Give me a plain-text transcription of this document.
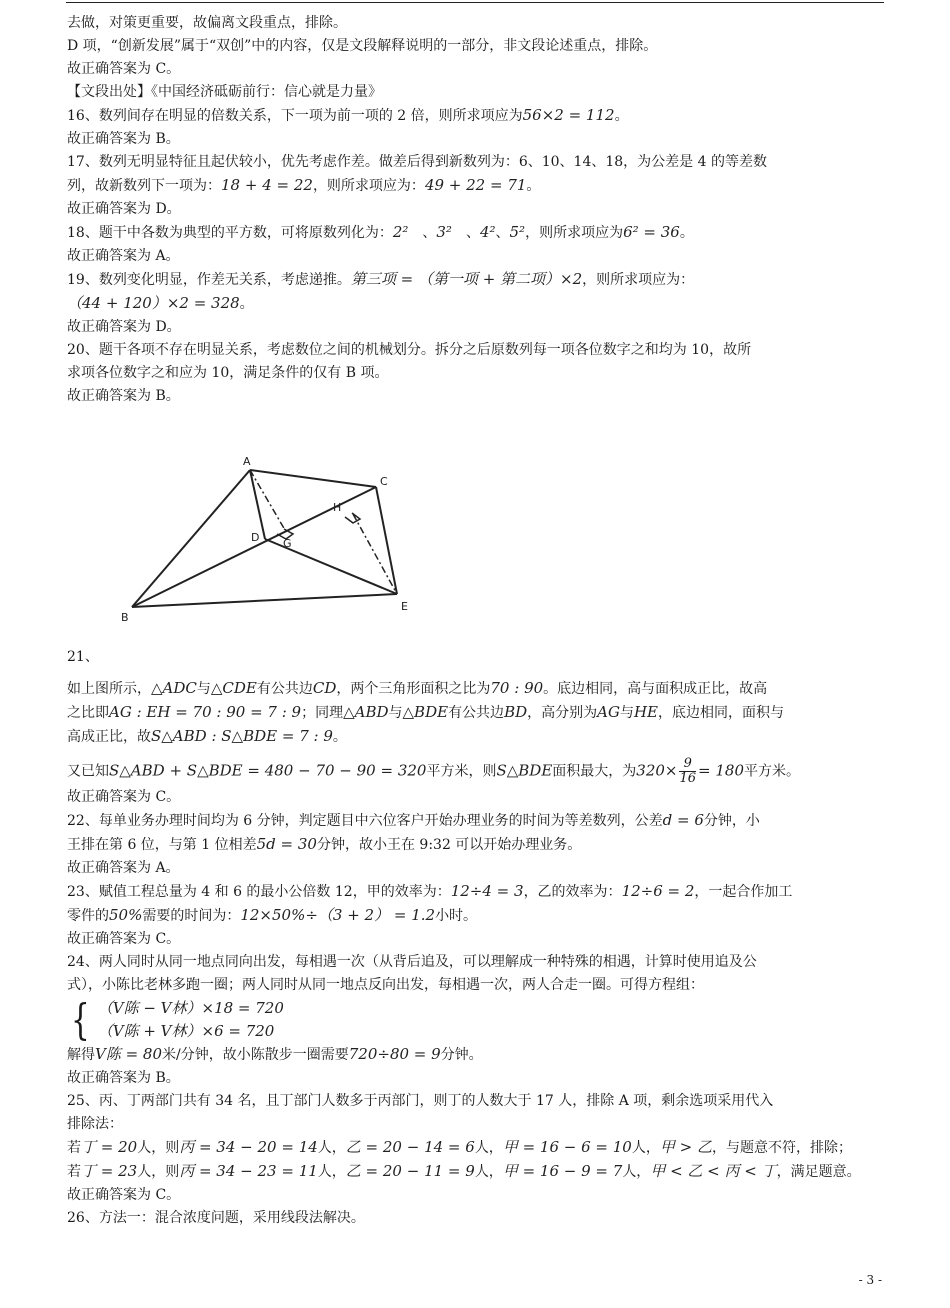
去做，对策更重要，故偏离文段重点，排除。

D 项，“创新发展”属于“双创”中的内容，仅是文段解释说明的一部分，非文段论述重点，排除。

故正确答案为 C。

【文段出处】《中国经济砥砺前行：信心就是力量》

16、数列间存在明显的倍数关系，下一项为前一项的 2 倍，则所求项应为56×2 = 112。

故正确答案为 B。

17、数列无明显特征且起伏较小，优先考虑作差。做差后得到新数列为：6、10、14、18，为公差是 4 的等差数

列，故新数列下一项为：18 + 4 = 22，则所求项应为：49 + 22 = 71。

故正确答案为 D。

18、题干中各数为典型的平方数，可将原数列化为：2²　、3²　、4²、5²，则所求项应为6² = 36。

故正确答案为 A。

19、数列变化明显，作差无关系，考虑递推。第三项 = （第一项 + 第二项）×2，则所求项应为：

（44 + 120）×2 = 328。

故正确答案为 D。

20、题干各项不存在明显关系，考虑数位之间的机械划分。拆分之后原数列每一项各位数字之和均为 10，故所

求项各位数字之和应为 10，满足条件的仅有 B 项。

故正确答案为 B。

A
C
H
D G
B
E

21、

如上图所示，△ADC与△CDE有公共边CD，两个三角形面积之比为70 : 90。底边相同，高与面积成正比，故高

之比即AG : EH = 70 : 90 = 7 : 9；同理△ABD与△BDE有公共边BD，高分别为AG与HE，底边相同，面积与

高成正比，故S△ABD : S△BDE = 7 : 9。

又已知S△ABD + S△BDE = 480 − 70 − 90 = 320平方米，则S△BDE面积最大，为$320\times \frac{9}{16} = 180$平方米。

故正确答案为 C。

22、每单业务办理时间均为 6 分钟，判定题目中六位客户开始办理业务的时间为等差数列，公差d = 6分钟，小

王排在第 6 位，与第 1 位相差5d = 30分钟，故小王在 9:32 可以开始办理业务。

故正确答案为 A。

23、赋值工程总量为 4 和 6 的最小公倍数 12，甲的效率为：12÷4 = 3，乙的效率为：12÷6 = 2，一起合作加工

零件的50%需要的时间为：12×50%÷（3 + 2） = 1.2小时。

故正确答案为 C。

24、两人同时从同一地点同向出发，每相遇一次（从背后追及，可以理解成一种特殊的相遇，计算时使用追及公

式），小陈比老林多跑一圈；两人同时从同一地点反向出发，每相遇一次，两人合走一圈。可得方程组：

{ （V陈 − V林）×18 = 720

（V陈 + V林）×6 = 720

解得V陈 = 80米/分钟，故小陈散步一圈需要720÷80 = 9分钟。

故正确答案为 B。

25、丙、丁两部门共有 34 名，且丁部门人数多于丙部门，则丁的人数大于 17 人，排除 A 项，剩余选项采用代入

排除法：

若丁 = 20人，则丙 = 34 − 20 = 14人，乙 = 20 − 14 = 6人，甲 = 16 − 6 = 10人，甲 > 乙，与题意不符，排除；

若丁 = 23人，则丙 = 34 − 23 = 11人，乙 = 20 − 11 = 9人，甲 = 16 − 9 = 7人，甲 < 乙 < 丙 < 丁，满足题意。

故正确答案为 C。

26、方法一：混合浓度问题，采用线段法解决。

- 3 -
